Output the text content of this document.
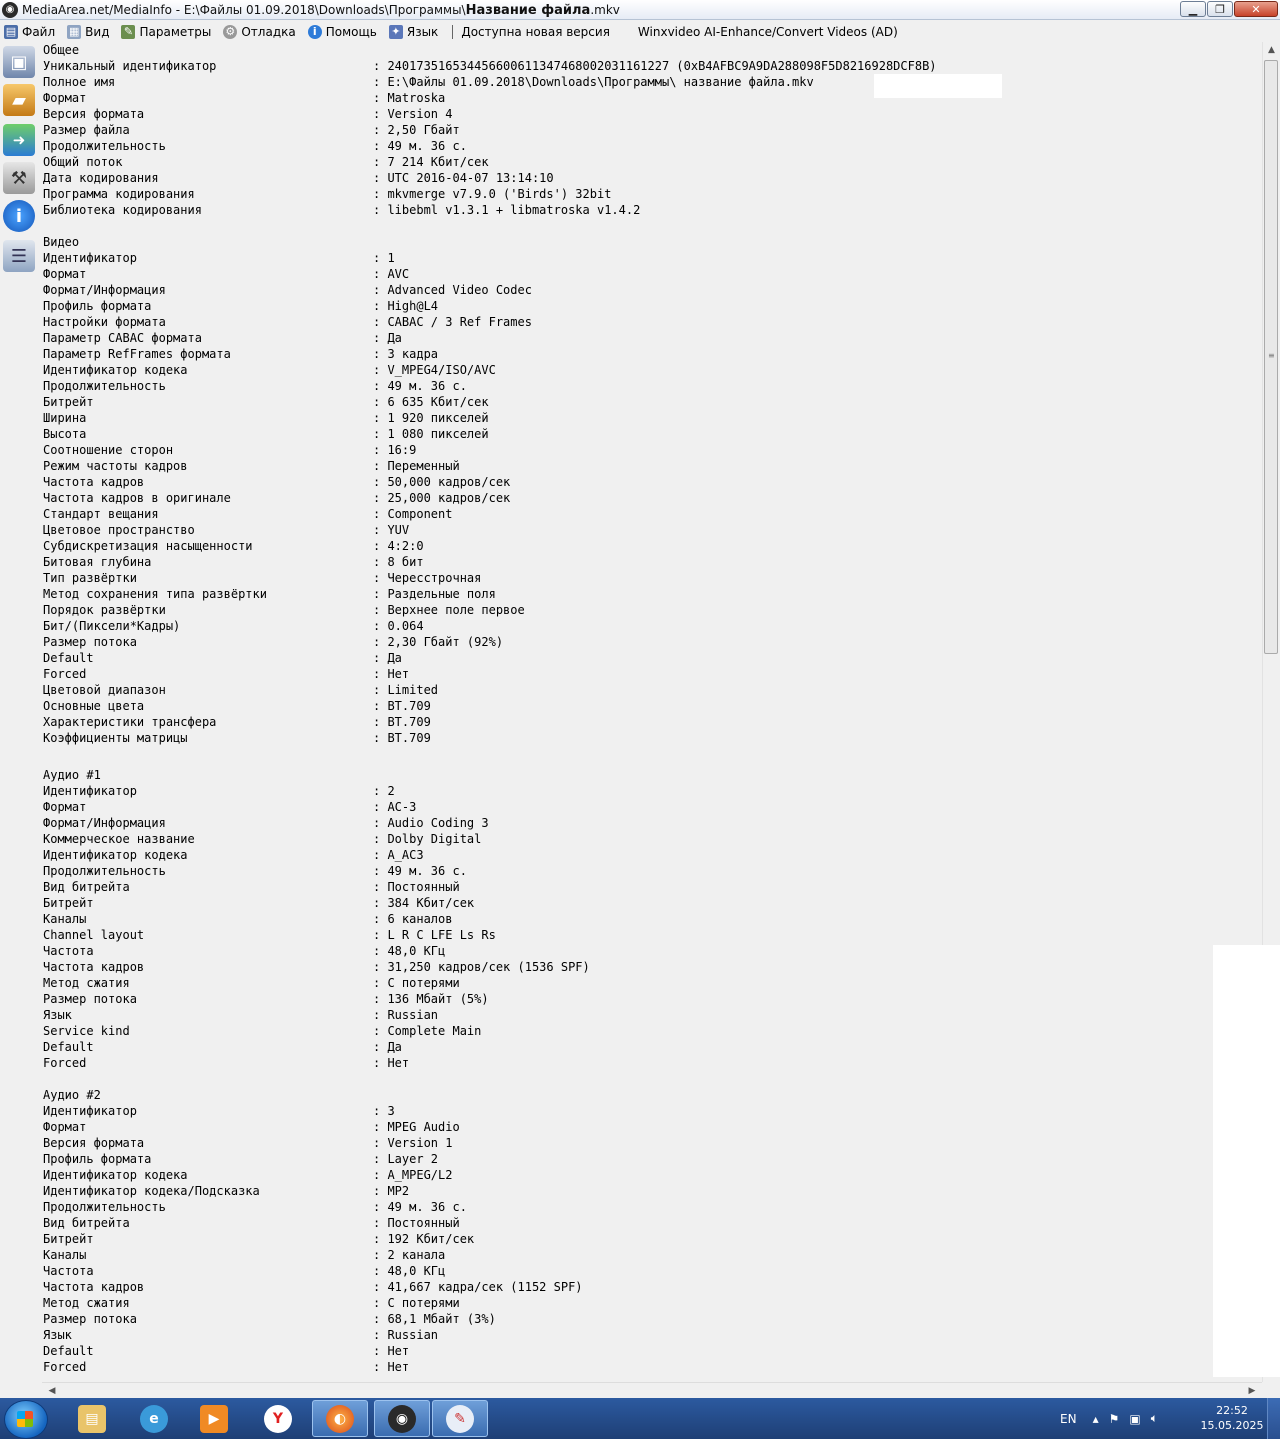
◉ MediaArea.net/MediaInfo - E:\Файлы 01.09.2018\Downloads\Программы\Название файла.mkv	▁	❐	✕
▤ Файл ▦ Вид ✎ Параметры ⚙ Отладка	i Помощь ✦ Язык Доступна новая версия Winxvideo AI-Enhance/Convert Videos (AD)
▣
▰
➜
⚒
i
☰
Общее
Уникальный идентификатор	: 240173516534456600611347468002031161227 (0xB4AFBC9A9DA288098F5D8216928DCF8B)
Полное имя	: E:\Файлы 01.09.2018\Downloads\Программы\ название файла.mkv
Формат	: Matroska
Версия формата	: Version 4
Размер файла	: 2,50 Гбайт
Продолжительность	: 49 м. 36 с.
Общий поток	: 7 214 Кбит/сек
Дата кодирования	: UTC 2016-04-07 13:14:10
Программа кодирования	: mkvmerge v7.9.0 ('Birds') 32bit
Библиотека кодирования	: libebml v1.3.1 + libmatroska v1.4.2
Видео
Идентификатор	: 1
Формат	: AVC
Формат/Информация	: Advanced Video Codec
Профиль формата	: High@L4
Настройки формата	: CABAC / 3 Ref Frames
Параметр CABAC формата	: Да
Параметр RefFrames формата	: 3 кадра
Идентификатор кодека	: V_MPEG4/ISO/AVC
Продолжительность	: 49 м. 36 с.
Битрейт	: 6 635 Кбит/сек
Ширина	: 1 920 пикселей
Высота	: 1 080 пикселей
Соотношение сторон	: 16:9
Режим частоты кадров	: Переменный
Частота кадров	: 50,000 кадров/сек
Частота кадров в оригинале	: 25,000 кадров/сек
Стандарт вещания	: Component
Цветовое пространство	: YUV
Субдискретизация насыщенности	: 4:2:0
Битовая глубина	: 8 бит
Тип развёртки	: Чересстрочная
Метод сохранения типа развёртки	: Раздельные поля
Порядок развёртки	: Верхнее поле первое
Бит/(Пиксели*Кадры)	: 0.064
Размер потока	: 2,30 Гбайт (92%)
Default	: Да
Forced	: Нет
Цветовой диапазон	: Limited
Основные цвета	: BT.709
Характеристики трансфера	: BT.709
Коэффициенты матрицы	: BT.709
Аудио #1
Идентификатор	: 2
Формат	: AC-3
Формат/Информация	: Audio Coding 3
Коммерческое название	: Dolby Digital
Идентификатор кодека	: A_AC3
Продолжительность	: 49 м. 36 с.
Вид битрейта	: Постоянный
Битрейт	: 384 Кбит/сек
Каналы	: 6 каналов
Channel layout	: L R C LFE Ls Rs
Частота	: 48,0 КГц
Частота кадров	: 31,250 кадров/сек (1536 SPF)
Метод сжатия	: С потерями
Размер потока	: 136 Мбайт (5%)
Язык	: Russian
Service kind	: Complete Main
Default	: Да
Forced	: Нет
Аудио #2
Идентификатор	: 3
Формат	: MPEG Audio
Версия формата	: Version 1
Профиль формата	: Layer 2
Идентификатор кодека	: A_MPEG/L2
Идентификатор кодека/Подсказка	: MP2
Продолжительность	: 49 м. 36 с.
Вид битрейта	: Постоянный
Битрейт	: 192 Кбит/сек
Каналы	: 2 канала
Частота	: 48,0 КГц
Частота кадров	: 41,667 кадра/сек (1152 SPF)
Метод сжатия	: С потерями
Размер потока	: 68,1 Мбайт (3%)
Язык	: Russian
Default	: Нет
Forced	: Нет
▲
≡
◀	▶
▤	e	▶	Y	◐	◉	✎	EN ▴ ⚑ ▣ 🔈︎
22:52
15.05.2025
